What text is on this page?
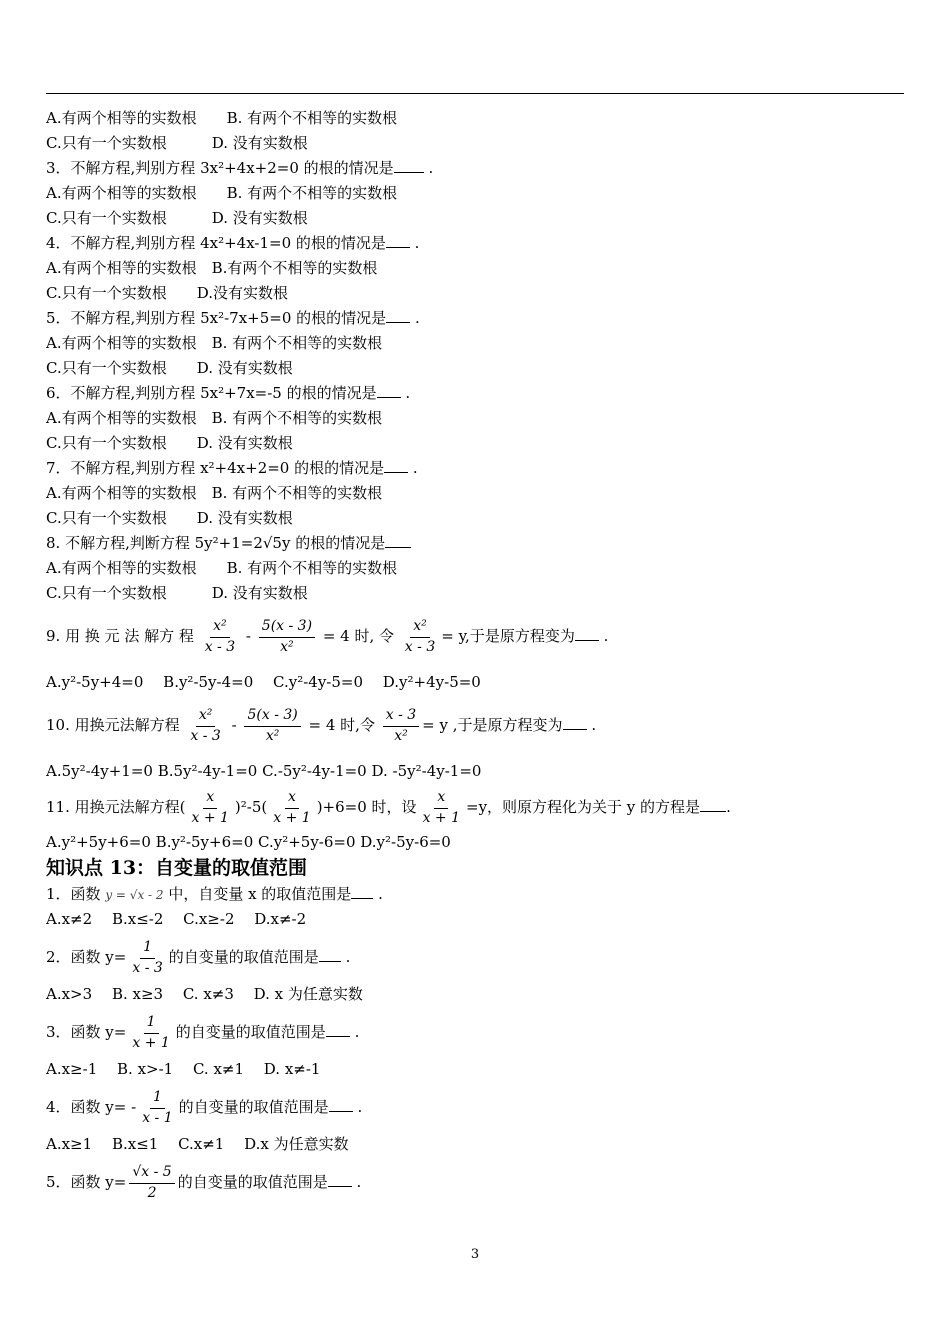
A.有两个相等的实数根　　B. 有两个不相等的实数根
C.只有一个实数根　　　D. 没有实数根
3．不解方程,判别方程 3x²+4x+2=0 的根的情况是 .
A.有两个相等的实数根　　B. 有两个不相等的实数根
C.只有一个实数根　　　D. 没有实数根
4．不解方程,判别方程 4x²+4x-1=0 的根的情况是 .
A.有两个相等的实数根　B.有两个不相等的实数根
C.只有一个实数根　　D.没有实数根
5．不解方程,判别方程 5x²-7x+5=0 的根的情况是 .
A.有两个相等的实数根　B. 有两个不相等的实数根
C.只有一个实数根　　D. 没有实数根
6．不解方程,判别方程 5x²+7x=-5 的根的情况是 .
A.有两个相等的实数根　B. 有两个不相等的实数根
C.只有一个实数根　　D. 没有实数根
7．不解方程,判别方程 x²+4x+2=0 的根的情况是 .
A.有两个相等的实数根　B. 有两个不相等的实数根
C.只有一个实数根　　D. 没有实数根
8. 不解方程,判断方程 5y²+1=2√5y 的根的情况是
A.有两个相等的实数根　　B. 有两个不相等的实数根
C.只有一个实数根　　　D. 没有实数根
9. 用 换 元 法 解方 程 $\frac{\text{x²}}{x - 3} - \frac{5(x - 3)}{\text{x²}} = 4$ 时, 令 $\frac{\text{x²}}{x - 3} = y$,于是原方程变为 .
A.y²-5y+4=0　 B.y²-5y-4=0　 C.y²-4y-5=0　 D.y²+4y-5=0
10. 用换元法解方程 $\frac{\text{x²}}{x - 3} - \frac{5(x - 3)}{\text{x²}} = 4$ 时,令 $\frac{x - 3}{\text{x²}} = y$ ,于是原方程变为 .
A.5y²-4y+1=0 B.5y²-4y-1=0 C.-5y²-4y-1=0 D. -5y²-4y-1=0
11. 用换元法解方程( $\frac{x}{x + 1} )^2-5( \frac{x}{x + 1} )+6=0$ 时，设 $\frac{x}{x + 1} =y$，则原方程化为关于 y 的方程是 .
A.y²+5y+6=0 B.y²-5y+6=0 C.y²+5y-6=0 D.y²-5y-6=0
知识点 13：自变量的取值范围
1．函数 y = √x - 2 中，自变量 x 的取值范围是 .
A.x≠2　 B.x≤-2　 C.x≥-2　 D.x≠-2
2．函数 $y= \frac{1}{x - 3}$ 的自变量的取值范围是 .
A.x>3　 B. x≥3　 C. x≠3　 D. x 为任意实数
3．函数 $y= \frac{1}{x + 1}$ 的自变量的取值范围是 .
A.x≥-1　 B. x>-1　 C. x≠1　 D. x≠-1
4．函数 $y= - \frac{1}{x - 1}$ 的自变量的取值范围是 .
A.x≥1　 B.x≤1　 C.x≠1　 D.x 为任意实数
5．函数 $y= \frac{√x - 5}{2}$ 的自变量的取值范围是 .
3
